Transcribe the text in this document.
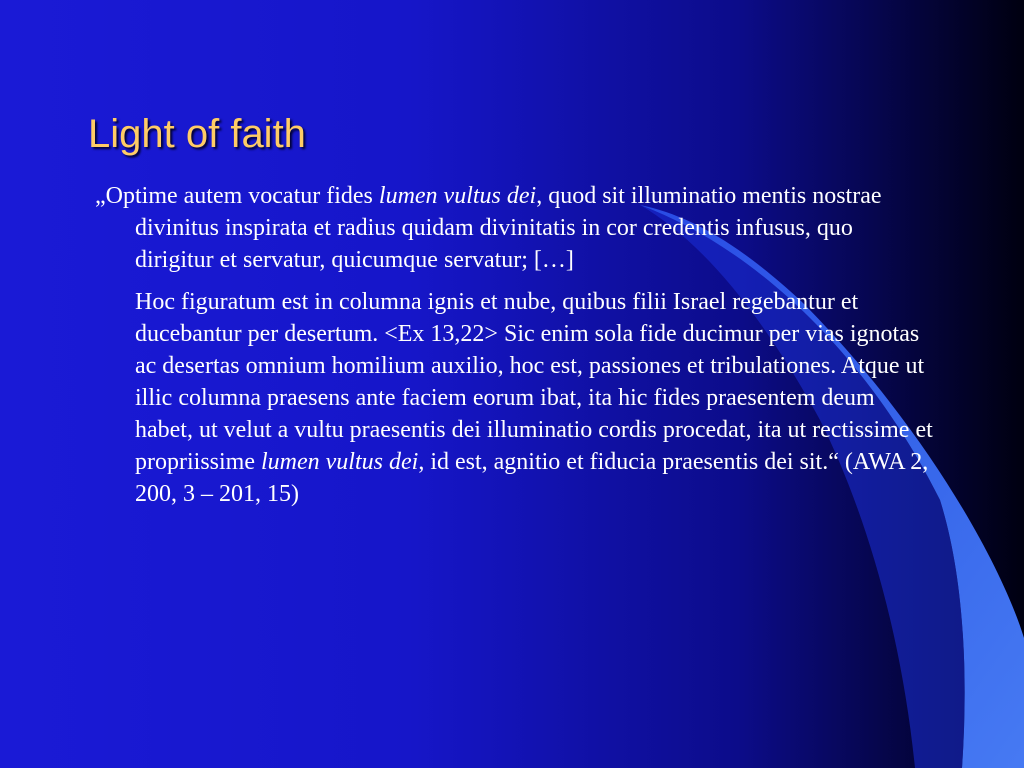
Light of faith

„Optime autem vocatur fides lumen vultus dei, quod sit illuminatio mentis nostrae divinitus inspirata et radius quidam divinitatis in cor credentis infusus, quo dirigitur et servatur, quicumque servatur; […]

Hoc figuratum est in columna ignis et nube, quibus filii Israel regebantur et ducebantur per desertum. <Ex 13,22> Sic enim sola fide ducimur per vias ignotas ac desertas omnium homilium auxilio, hoc est, passiones et tribulationes. Atque ut illic columna praesens ante faciem eorum ibat, ita hic fides praesentem deum habet, ut velut a vultu praesentis dei illuminatio cordis procedat, ita ut rectissime et propriissime lumen vultus dei, id est, agnitio et fiducia praesentis dei sit.“ (AWA 2, 200, 3 – 201, 15)
